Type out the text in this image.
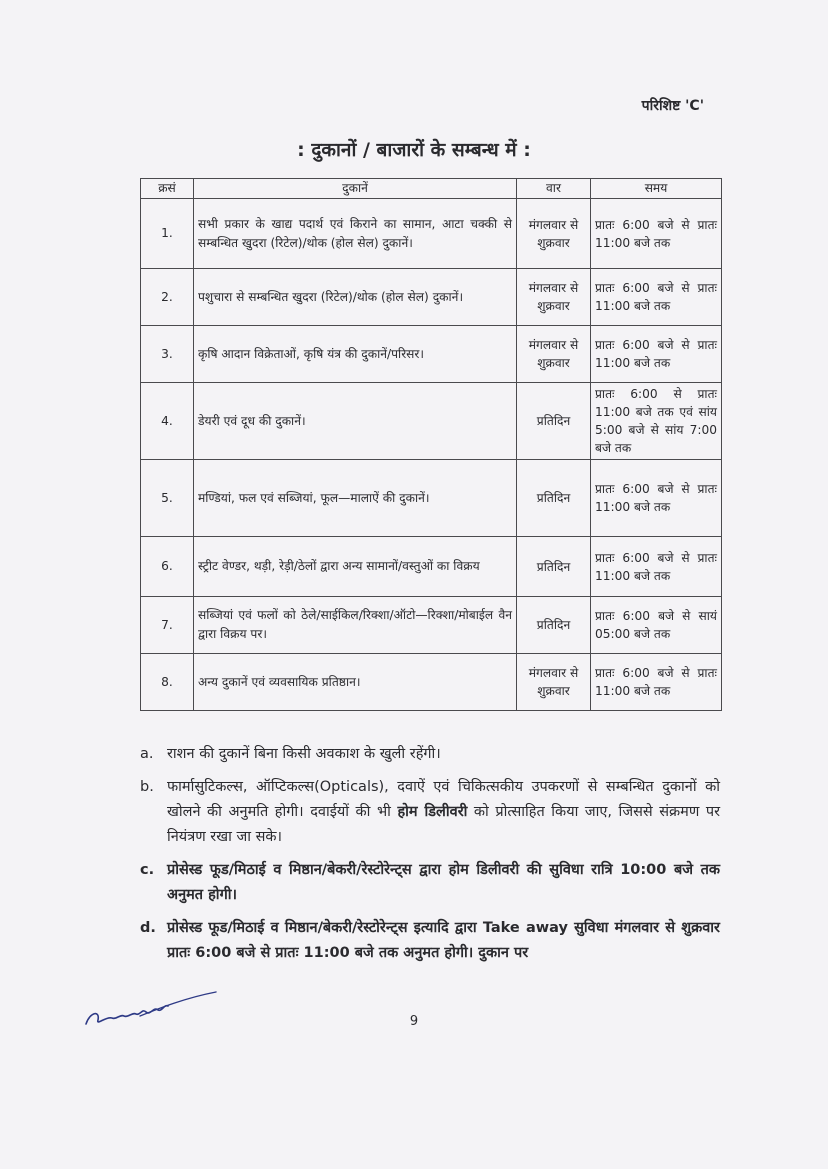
परिशिष्ट 'C'
: दुकानों / बाजारों के सम्बन्ध में :
क्रसं	दुकानें	वार	समय
1.	सभी प्रकार के खाद्य पदार्थ एवं किराने का सामान, आटा चक्की से सम्बन्धित खुदरा (रिटेल)/थोक (होल सेल) दुकानें।	मंगलवार से शुक्रवार	प्रातः 6:00 बजे से प्रातः 11:00 बजे तक
2.	पशुचारा से सम्बन्धित खुदरा (रिटेल)/थोक (होल सेल) दुकानें।	मंगलवार से शुक्रवार	प्रातः 6:00 बजे से प्रातः 11:00 बजे तक
3.	कृषि आदान विक्रेताओं, कृषि यंत्र की दुकानें/परिसर।	मंगलवार से शुक्रवार	प्रातः 6:00 बजे से प्रातः 11:00 बजे तक
4.	डेयरी एवं दूध की दुकानें।	प्रतिदिन	प्रातः 6:00 से प्रातः 11:00 बजे तक एवं सांय 5:00 बजे से सांय 7:00 बजे तक
5.	मण्डियां, फल एवं सब्जियां, फूल—मालाऐं की दुकानें।	प्रतिदिन	प्रातः 6:00 बजे से प्रातः 11:00 बजे तक
6.	स्ट्रीट वेण्डर, थड़ी, रेड़ी/ठेलों द्वारा अन्य सामानों/वस्तुओं का विक्रय	प्रतिदिन	प्रातः 6:00 बजे से प्रातः 11:00 बजे तक
7.	सब्जियां एवं फलों को ठेले/साईकिल/रिक्शा/ऑटो—रिक्शा/मोबाईल वैन द्वारा विक्रय पर।	प्रतिदिन	प्रातः 6:00 बजे से सायं 05:00 बजे तक
8.	अन्य दुकानें एवं व्यवसायिक प्रतिष्ठान।	मंगलवार से शुक्रवार	प्रातः 6:00 बजे से प्रातः 11:00 बजे तक
a. राशन की दुकानें बिना किसी अवकाश के खुली रहेंगी।
b. फार्मासुटिकल्स, ऑप्टिकल्स(Opticals), दवाऐं एवं चिकित्सकीय उपकरणों से सम्बन्धित दुकानों को खोलने की अनुमति होगी। दवाईयों की भी होम डिलीवरी को प्रोत्साहित किया जाए, जिससे संक्रमण पर नियंत्रण रखा जा सके।
c. प्रोसेस्ड फूड/मिठाई व मिष्ठान/बेकरी/रेस्टोरेन्ट्स द्वारा होम डिलीवरी की सुविधा रात्रि 10:00 बजे तक अनुमत होगी।
d. प्रोसेस्ड फूड/मिठाई व मिष्ठान/बेकरी/रेस्टोरेन्ट्स इत्यादि द्वारा Take away सुविधा मंगलवार से शुक्रवार प्रातः 6:00 बजे से प्रातः 11:00 बजे तक अनुमत होगी। दुकान पर
9
